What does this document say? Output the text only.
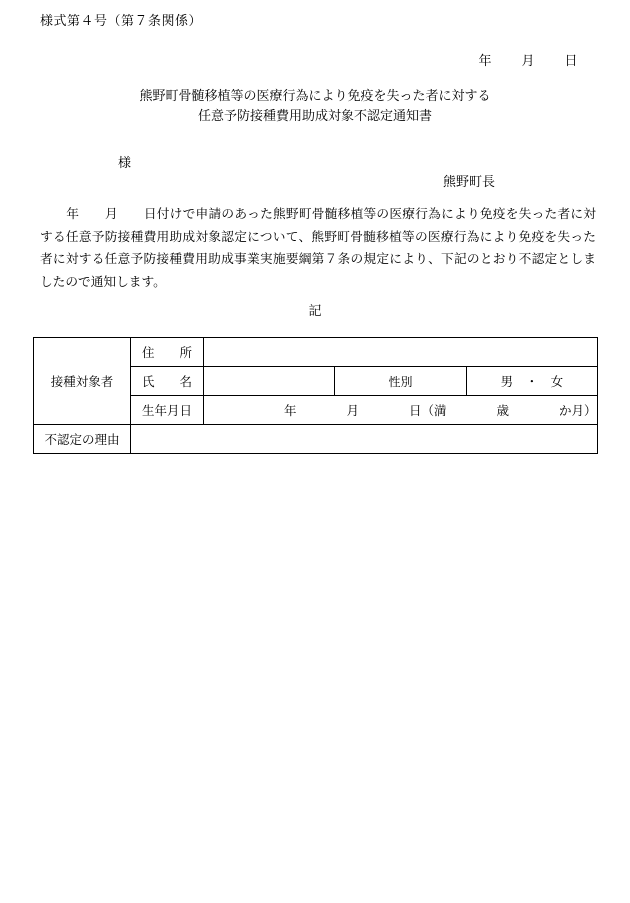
様式第４号（第７条関係）
年 月 日
熊野町骨髄移植等の医療行為により免疫を失った者に対する
任意予防接種費用助成対象不認定通知書
様
熊野町長
年　　月　　日付けで申請のあった熊野町骨髄移植等の医療行為により免疫を失った者に対する任意予防接種費用助成対象認定について、熊野町骨髄移植等の医療行為により免疫を失った者に対する任意予防接種費用助成事業実施要綱第７条の規定により、下記のとおり不認定としましたので通知します。
記
接種対象者	住　　所			
	氏　　名		性別	男　・　女
	生年月日	年　　　　月　　　　日（満　　　　歳　　　　か月）		

不認定の理由				
